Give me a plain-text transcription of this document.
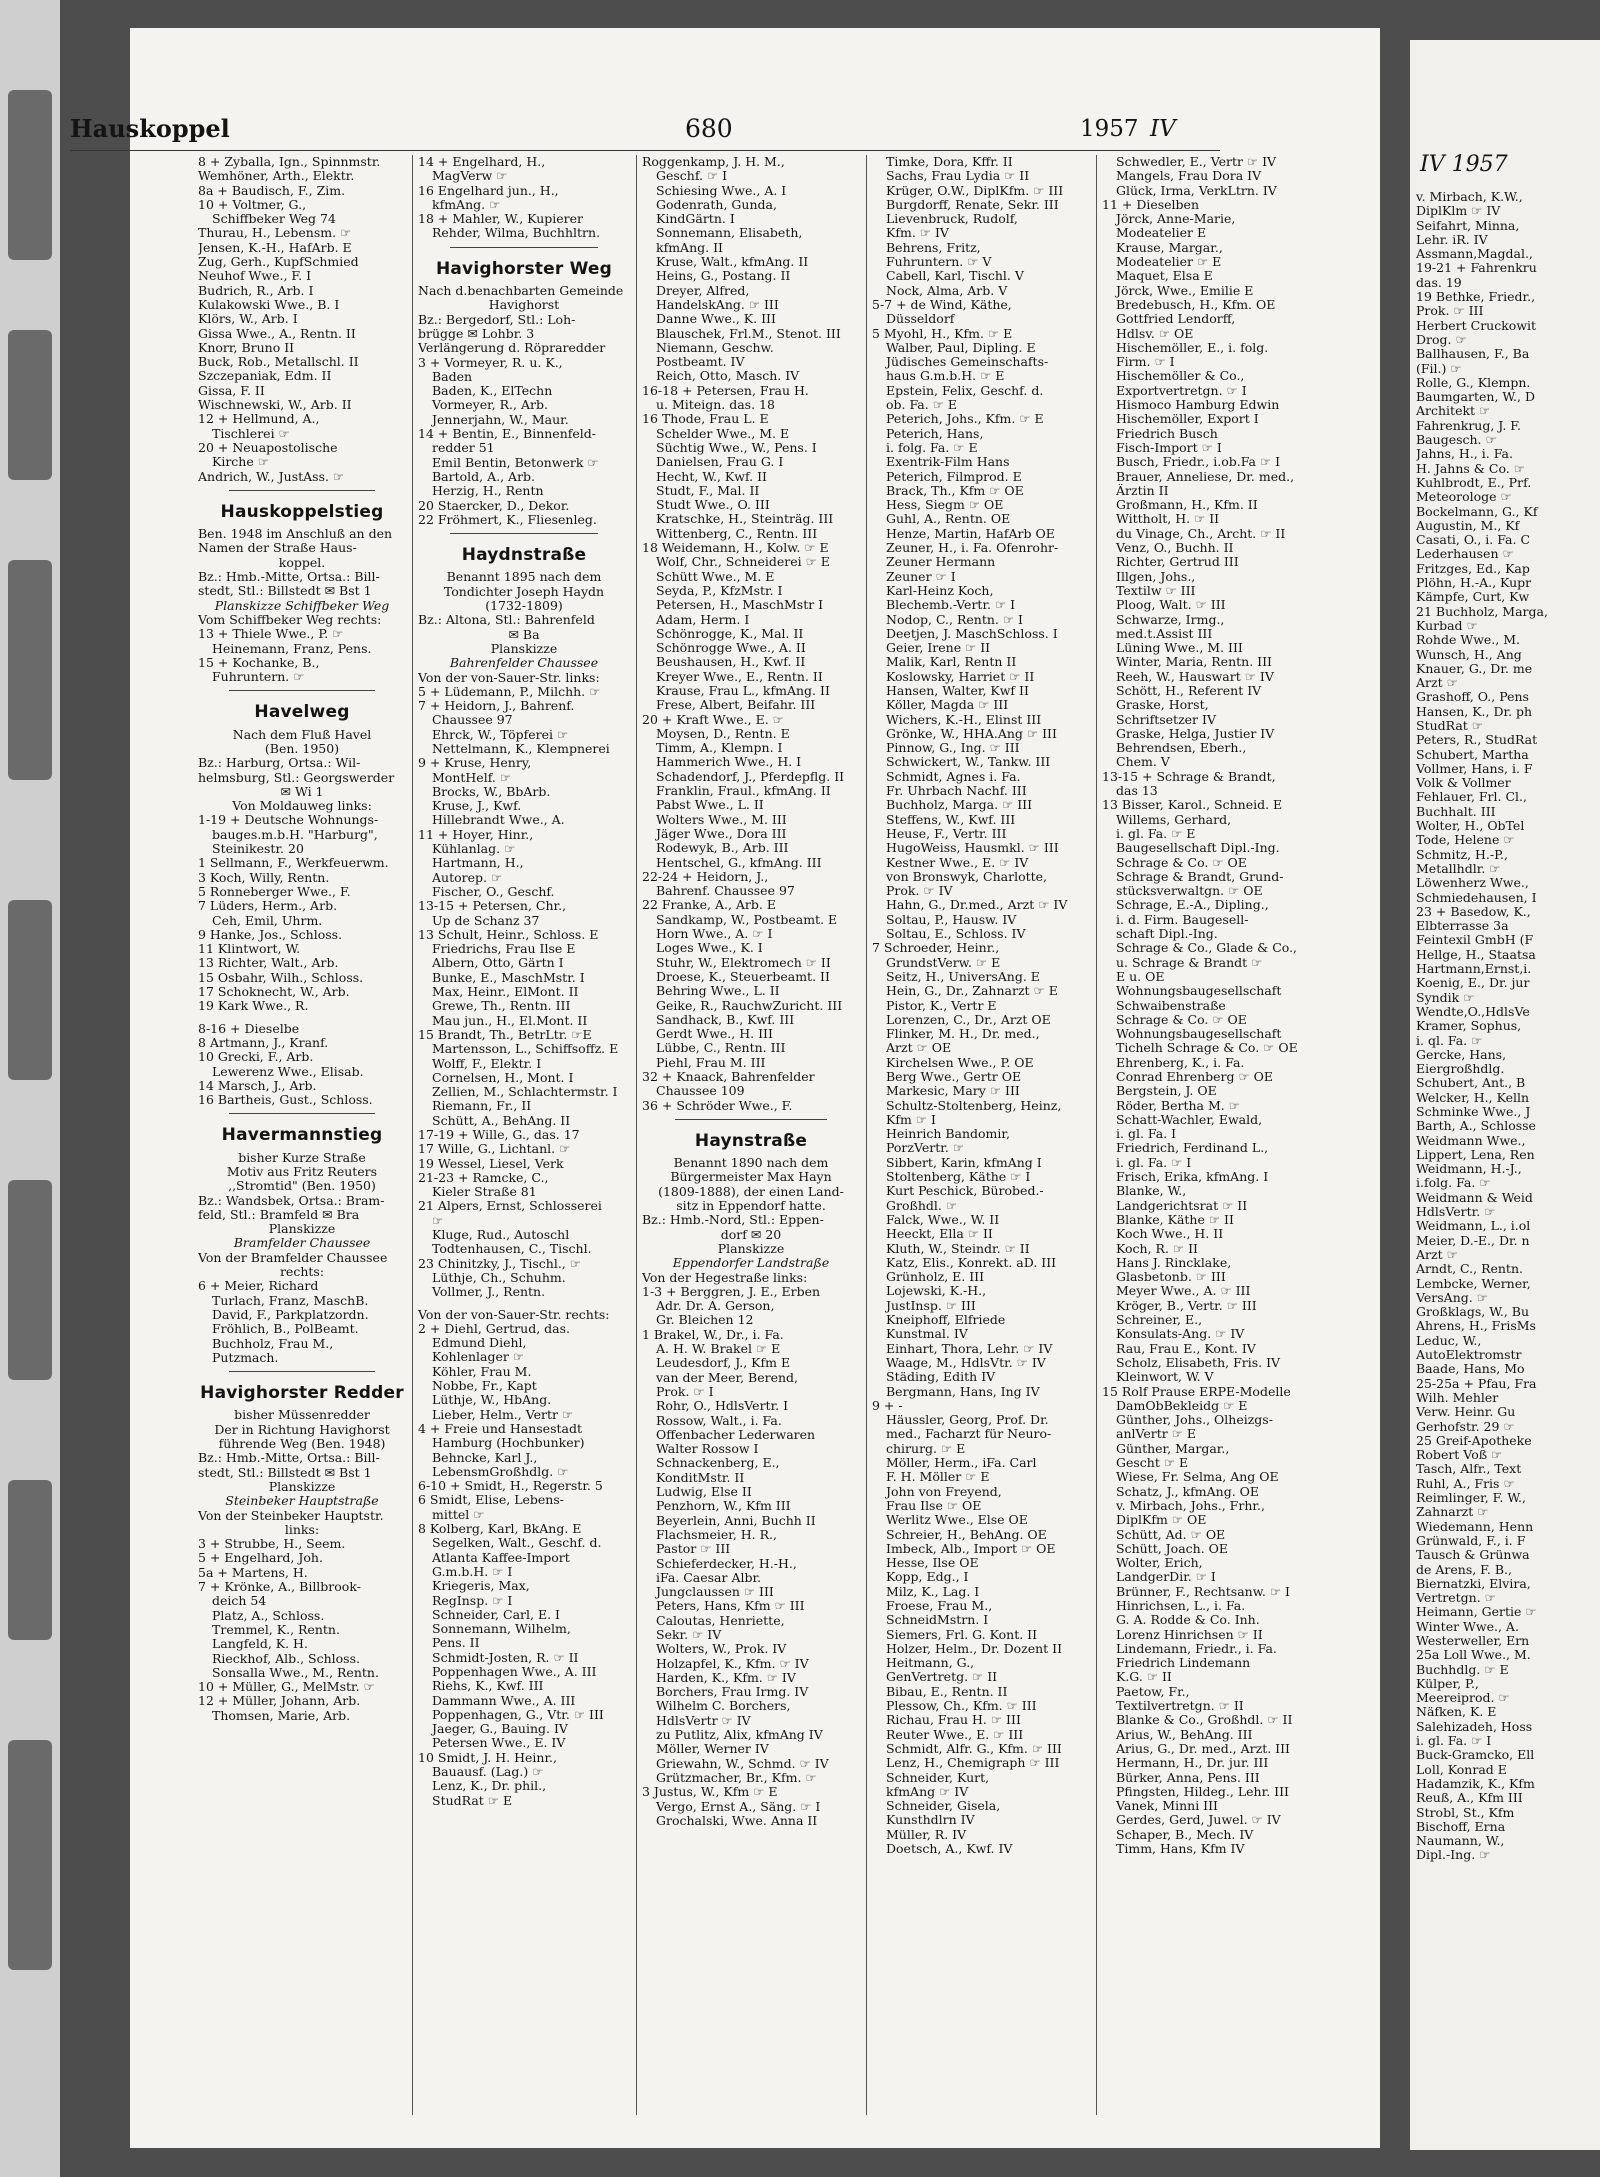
Hauskoppel	680	1957 IV
8 + Zyballa, Ign., Spinnmstr.
Wemhöner, Arth., Elektr.
8a + Baudisch, F., Zim.
10 + Voltmer, G.,
Schiffbeker Weg 74
Thurau, H., Lebensm. ☞
Jensen, K.-H., HafArb. E
Zug, Gerh., KupfSchmied
Neuhof Wwe., F. I
Budrich, R., Arb. I
Kulakowski Wwe., B. I
Klörs, W., Arb. I
Gissa Wwe., A., Rentn. II
Knorr, Bruno II
Buck, Rob., Metallschl. II
Szczepaniak, Edm. II
Gissa, F. II
Wischnewski, W., Arb. II
12 + Hellmund, A.,
Tischlerei ☞
20 + Neuapostolische
Kirche ☞
Andrich, W., JustAss. ☞
Hauskoppelstieg
Ben. 1948 im Anschluß an den
Namen der Straße Haus-
koppel.
Bz.: Hmb.-Mitte, Ortsa.: Bill-
stedt, Stl.: Billstedt ✉ Bst 1
Planskizze Schiffbeker Weg
Vom Schiffbeker Weg rechts:
13 + Thiele Wwe., P. ☞
Heinemann, Franz, Pens.
15 + Kochanke, B.,
Fuhruntern. ☞
Havelweg
Nach dem Fluß Havel
(Ben. 1950)
Bz.: Harburg, Ortsa.: Wil-
helmsburg, Stl.: Georgswerder
✉ Wi 1
Von Moldauweg links:
1-19 + Deutsche Wohnungs-
bauges.m.b.H. "Harburg",
Steinikestr. 20
1 Sellmann, F., Werkfeuerwm.
3 Koch, Willy, Rentn.
5 Ronneberger Wwe., F.
7 Lüders, Herm., Arb.
Ceh, Emil, Uhrm.
9 Hanke, Jos., Schloss.
11 Klintwort, W.
13 Richter, Walt., Arb.
15 Osbahr, Wilh., Schloss.
17 Schoknecht, W., Arb.
19 Kark Wwe., R.
8-16 + Dieselbe
8 Artmann, J., Kranf.
10 Grecki, F., Arb.
Lewerenz Wwe., Elisab.
14 Marsch, J., Arb.
16 Bartheis, Gust., Schloss.
Havermannstieg
bisher Kurze Straße
Motiv aus Fritz Reuters
,,Stromtid" (Ben. 1950)
Bz.: Wandsbek, Ortsa.: Bram-
feld, Stl.: Bramfeld ✉ Bra
Planskizze
Bramfelder Chaussee
Von der Bramfelder Chaussee
rechts:
6 + Meier, Richard
Turlach, Franz, MaschB.
David, F., Parkplatzordn.
Fröhlich, B., PolBeamt.
Buchholz, Frau M.,
Putzmach.
Havighorster Redder
bisher Müssenredder
Der in Richtung Havighorst
führende Weg (Ben. 1948)
Bz.: Hmb.-Mitte, Ortsa.: Bill-
stedt, Stl.: Billstedt ✉ Bst 1
Planskizze
Steinbeker Hauptstraße
Von der Steinbeker Hauptstr.
links:
3 + Strubbe, H., Seem.
5 + Engelhard, Joh.
5a + Martens, H.
7 + Krönke, A., Billbrook-
deich 54
Platz, A., Schloss.
Tremmel, K., Rentn.
Langfeld, K. H.
Rieckhof, Alb., Schloss.
Sonsalla Wwe., M., Rentn.
10 + Müller, G., MelMstr. ☞
12 + Müller, Johann, Arb.
Thomsen, Marie, Arb.
14 + Engelhard, H.,
MagVerw ☞
16 Engelhard jun., H.,
kfmAng. ☞
18 + Mahler, W., Kupierer
Rehder, Wilma, Buchhltrn.
Havighorster Weg
Nach d.benachbarten Gemeinde
Havighorst
Bz.: Bergedorf, Stl.: Loh-
brügge ✉ Lohbr. 3
Verlängerung d. Röpraredder
3 + Vormeyer, R. u. K.,
Baden
Baden, K., ElTechn
Vormeyer, R., Arb.
Jennerjahn, W., Maur.
14 + Bentin, E., Binnenfeld-
redder 51
Emil Bentin, Betonwerk ☞
Bartold, A., Arb.
Herzig, H., Rentn
20 Staercker, D., Dekor.
22 Fröhmert, K., Fliesenleg.
Haydnstraße
Benannt 1895 nach dem
Tondichter Joseph Haydn
(1732-1809)
Bz.: Altona, Stl.: Bahrenfeld
✉ Ba
Planskizze
Bahrenfelder Chaussee
Von der von-Sauer-Str. links:
5 + Lüdemann, P., Milchh. ☞
7 + Heidorn, J., Bahrenf.
Chaussee 97
Ehrck, W., Töpferei ☞
Nettelmann, K., Klempnerei
9 + Kruse, Henry,
MontHelf. ☞
Brocks, W., BbArb.
Kruse, J., Kwf.
Hillebrandt Wwe., A.
11 + Hoyer, Hinr.,
Kühlanlag. ☞
Hartmann, H.,
Autorep. ☞
Fischer, O., Geschf.
13-15 + Petersen, Chr.,
Up de Schanz 37
13 Schult, Heinr., Schloss. E
Friedrichs, Frau Ilse E
Albern, Otto, Gärtn I
Bunke, E., MaschMstr. I
Max, Heinr., ElMont. II
Grewe, Th., Rentn. III
Mau jun., H., El.Mont. II
15 Brandt, Th., BetrLtr. ☞E
Martensson, L., Schiffsoffz. E
Wolff, F., Elektr. I
Cornelsen, H., Mont. I
Zellien, M., Schlachtermstr. I
Riemann, Fr., II
Schütt, A., BehAng. II
17-19 + Wille, G., das. 17
17 Wille, G., Lichtanl. ☞
19 Wessel, Liesel, Verk
21-23 + Ramcke, C.,
Kieler Straße 81
21 Alpers, Ernst, Schlosserei
☞
Kluge, Rud., Autoschl
Todtenhausen, C., Tischl.
23 Chinitzky, J., Tischl., ☞
Lüthje, Ch., Schuhm.
Vollmer, J., Rentn.
Von der von-Sauer-Str. rechts:
2 + Diehl, Gertrud, das.
Edmund Diehl,
Kohlenlager ☞
Köhler, Frau M.
Nobbe, Fr., Kapt
Lüthje, W., HbAng.
Lieber, Helm., Vertr ☞
4 + Freie und Hansestadt
Hamburg (Hochbunker)
Behncke, Karl J.,
LebensmGroßhdlg. ☞
6-10 + Smidt, H., Regerstr. 5
6 Smidt, Elise, Lebens-
mittel ☞
8 Kolberg, Karl, BkAng. E
Segelken, Walt., Geschf. d.
Atlanta Kaffee-Import
G.m.b.H. ☞ I
Kriegeris, Max,
RegInsp. ☞ I
Schneider, Carl, E. I
Sonnemann, Wilhelm,
Pens. II
Schmidt-Josten, R. ☞ II
Poppenhagen Wwe., A. III
Riehs, K., Kwf. III
Dammann Wwe., A. III
Poppenhagen, G., Vtr. ☞ III
Jaeger, G., Bauing. IV
Petersen Wwe., E. IV
10 Smidt, J. H. Heinr.,
Bauausf. (Lag.) ☞
Lenz, K., Dr. phil.,
StudRat ☞ E
Roggenkamp, J. H. M.,
Geschf. ☞ I
Schiesing Wwe., A. I
Godenrath, Gunda,
KindGärtn. I
Sonnemann, Elisabeth,
kfmAng. II
Kruse, Walt., kfmAng. II
Heins, G., Postang. II
Dreyer, Alfred,
HandelskAng. ☞ III
Danne Wwe., K. III
Blauschek, Frl.M., Stenot. III
Niemann, Geschw.
Postbeamt. IV
Reich, Otto, Masch. IV
16-18 + Petersen, Frau H.
u. Miteign. das. 18
16 Thode, Frau L. E
Schelder Wwe., M. E
Süchtig Wwe., W., Pens. I
Danielsen, Frau G. I
Hecht, W., Kwf. II
Studt, F., Mal. II
Studt Wwe., O. III
Kratschke, H., Steinträg. III
Wittenberg, C., Rentn. III
18 Weidemann, H., Kolw. ☞ E
Wolf, Chr., Schneiderei ☞ E
Schütt Wwe., M. E
Seyda, P., KfzMstr. I
Petersen, H., MaschMstr I
Adam, Herm. I
Schönrogge, K., Mal. II
Schönrogge Wwe., A. II
Beushausen, H., Kwf. II
Kreyer Wwe., E., Rentn. II
Krause, Frau L., kfmAng. II
Frese, Albert, Beifahr. III
20 + Kraft Wwe., E. ☞
Moysen, D., Rentn. E
Timm, A., Klempn. I
Hammerich Wwe., H. I
Schadendorf, J., Pferdepflg. II
Franklin, Fraul., kfmAng. II
Pabst Wwe., L. II
Wolters Wwe., M. III
Jäger Wwe., Dora III
Rodewyk, B., Arb. III
Hentschel, G., kfmAng. III
22-24 + Heidorn, J.,
Bahrenf. Chaussee 97
22 Franke, A., Arb. E
Sandkamp, W., Postbeamt. E
Horn Wwe., A. ☞ I
Loges Wwe., K. I
Stuhr, W., Elektromech ☞ II
Droese, K., Steuerbeamt. II
Behring Wwe., L. II
Geike, R., RauchwZuricht. III
Sandhack, B., Kwf. III
Gerdt Wwe., H. III
Lübbe, C., Rentn. III
Piehl, Frau M. III
32 + Knaack, Bahrenfelder
Chaussee 109
36 + Schröder Wwe., F.
Haynstraße
Benannt 1890 nach dem
Bürgermeister Max Hayn
(1809-1888), der einen Land-
sitz in Eppendorf hatte.
Bz.: Hmb.-Nord, Stl.: Eppen-
dorf ✉ 20
Planskizze
Eppendorfer Landstraße
Von der Hegestraße links:
1-3 + Berggren, J. E., Erben
Adr. Dr. A. Gerson,
Gr. Bleichen 12
1 Brakel, W., Dr., i. Fa.
A. H. W. Brakel ☞ E
Leudesdorf, J., Kfm E
van der Meer, Berend,
Prok. ☞ I
Rohr, O., HdlsVertr. I
Rossow, Walt., i. Fa.
Offenbacher Lederwaren
Walter Rossow I
Schnackenberg, E.,
KonditMstr. II
Ludwig, Else II
Penzhorn, W., Kfm III
Beyerlein, Anni, Buchh II
Flachsmeier, H. R.,
Pastor ☞ III
Schieferdecker, H.-H.,
iFa. Caesar Albr.
Jungclaussen ☞ III
Peters, Hans, Kfm ☞ III
Caloutas, Henriette,
Sekr. ☞ IV
Wolters, W., Prok. IV
Holzapfel, K., Kfm. ☞ IV
Harden, K., Kfm. ☞ IV
Borchers, Frau Irmg. IV
Wilhelm C. Borchers,
HdlsVertr ☞ IV
zu Putlitz, Alix, kfmAng IV
Möller, Werner IV
Griewahn, W., Schmd. ☞ IV
Grützmacher, Br., Kfm. ☞
3 Justus, W., Kfm ☞ E
Vergo, Ernst A., Säng. ☞ I
Grochalski, Wwe. Anna II
Timke, Dora, Kffr. II
Sachs, Frau Lydia ☞ II
Krüger, O.W., DiplKfm. ☞ III
Burgdorff, Renate, Sekr. III
Lievenbruck, Rudolf,
Kfm. ☞ IV
Behrens, Fritz,
Fuhruntern. ☞ V
Cabell, Karl, Tischl. V
Nock, Alma, Arb. V
5-7 + de Wind, Käthe,
Düsseldorf
5 Myohl, H., Kfm. ☞ E
Walber, Paul, Dipling. E
Jüdisches Gemeinschafts-
haus G.m.b.H. ☞ E
Epstein, Felix, Geschf. d.
ob. Fa. ☞ E
Peterich, Johs., Kfm. ☞ E
Peterich, Hans,
i. folg. Fa. ☞ E
Exentrik-Film Hans
Peterich, Filmprod. E
Brack, Th., Kfm ☞ OE
Hess, Siegm ☞ OE
Guhl, A., Rentn. OE
Henze, Martin, HafArb OE
Zeuner, H., i. Fa. Ofenrohr-
Zeuner Hermann
Zeuner ☞ I
Karl-Heinz Koch,
Blechemb.-Vertr. ☞ I
Nodop, C., Rentn. ☞ I
Deetjen, J. MaschSchloss. I
Geier, Irene ☞ II
Malik, Karl, Rentn II
Koslowsky, Harriet ☞ II
Hansen, Walter, Kwf II
Köller, Magda ☞ III
Wichers, K.-H., Elinst III
Grönke, W., HHA.Ang ☞ III
Pinnow, G., Ing. ☞ III
Schwickert, W., Tankw. III
Schmidt, Agnes i. Fa.
Fr. Uhrbach Nachf. III
Buchholz, Marga. ☞ III
Steffens, W., Kwf. III
Heuse, F., Vertr. III
HugoWeiss, Hausmkl. ☞ III
Kestner Wwe., E. ☞ IV
von Bronswyk, Charlotte,
Prok. ☞ IV
Hahn, G., Dr.med., Arzt ☞ IV
Soltau, P., Hausw. IV
Soltau, E., Schloss. IV
7 Schroeder, Heinr.,
GrundstVerw. ☞ E
Seitz, H., UniversAng. E
Hein, G., Dr., Zahnarzt ☞ E
Pistor, K., Vertr E
Lorenzen, C., Dr., Arzt OE
Flinker, M. H., Dr. med.,
Arzt ☞ OE
Kirchelsen Wwe., P. OE
Berg Wwe., Gertr OE
Markesic, Mary ☞ III
Schultz-Stoltenberg, Heinz,
Kfm ☞ I
Heinrich Bandomir,
PorzVertr. ☞
Sibbert, Karin, kfmAng I
Stoltenberg, Käthe ☞ I
Kurt Peschick, Bürobed.-
Großhdl. ☞
Falck, Wwe., W. II
Heeckt, Ella ☞ II
Kluth, W., Steindr. ☞ II
Katz, Elis., Konrekt. aD. III
Grünholz, E. III
Lojewski, K.-H.,
JustInsp. ☞ III
Kneiphoff, Elfriede
Kunstmal. IV
Einhart, Thora, Lehr. ☞ IV
Waage, M., HdlsVtr. ☞ IV
Städing, Edith IV
Bergmann, Hans, Ing IV
9 + -
Häussler, Georg, Prof. Dr.
med., Facharzt für Neuro-
chirurg. ☞ E
Möller, Herm., iFa. Carl
F. H. Möller ☞ E
John von Freyend,
Frau Ilse ☞ OE
Werlitz Wwe., Else OE
Schreier, H., BehAng. OE
Imbeck, Alb., Import ☞ OE
Hesse, Ilse OE
Kopp, Edg., I
Milz, K., Lag. I
Froese, Frau M.,
SchneidMstrn. I
Siemers, Frl. G. Kont. II
Holzer, Helm., Dr. Dozent II
Heitmann, G.,
GenVertretg. ☞ II
Bibau, E., Rentn. II
Plessow, Ch., Kfm. ☞ III
Richau, Frau H. ☞ III
Reuter Wwe., E. ☞ III
Schmidt, Alfr. G., Kfm. ☞ III
Lenz, H., Chemigraph ☞ III
Schneider, Kurt,
kfmAng ☞ IV
Schneider, Gisela,
Kunsthdlrn IV
Müller, R. IV
Doetsch, A., Kwf. IV
Schwedler, E., Vertr ☞ IV
Mangels, Frau Dora IV
Glück, Irma, VerkLtrn. IV
11 + Dieselben
Jörck, Anne-Marie,
Modeatelier E
Krause, Margar.,
Modeatelier ☞ E
Maquet, Elsa E
Jörck, Wwe., Emilie E
Bredebusch, H., Kfm. OE
Gottfried Lendorff,
Hdlsv. ☞ OE
Hischemöller, E., i. folg.
Firm. ☞ I
Hischemöller & Co.,
Exportvertretgn. ☞ I
Hismoco Hamburg Edwin
Hischemöller, Export I
Friedrich Busch
Fisch-Import ☞ I
Busch, Friedr., i.ob.Fa ☞ I
Brauer, Anneliese, Dr. med.,
Ärztin II
Großmann, H., Kfm. II
Wittholt, H. ☞ II
du Vinage, Ch., Archt. ☞ II
Venz, O., Buchh. II
Richter, Gertrud III
Illgen, Johs.,
Textilw ☞ III
Ploog, Walt. ☞ III
Schwarze, Irmg.,
med.t.Assist III
Lüning Wwe., M. III
Winter, Maria, Rentn. III
Reeh, W., Hauswart ☞ IV
Schött, H., Referent IV
Graske, Horst,
Schriftsetzer IV
Graske, Helga, Justier IV
Behrendsen, Eberh.,
Chem. V
13-15 + Schrage & Brandt,
das 13
13 Bisser, Karol., Schneid. E
Willems, Gerhard,
i. gl. Fa. ☞ E
Baugesellschaft Dipl.-Ing.
Schrage & Co. ☞ OE
Schrage & Brandt, Grund-
stücksverwaltgn. ☞ OE
Schrage, E.-A., Dipling.,
i. d. Firm. Baugesell-
schaft Dipl.-Ing.
Schrage & Co., Glade & Co.,
u. Schrage & Brandt ☞
E u. OE
Wohnungsbaugesellschaft
Schwaibenstraße
Schrage & Co. ☞ OE
Wohnungsbaugesellschaft
Tichelh Schrage & Co. ☞ OE
Ehrenberg, K., i. Fa.
Conrad Ehrenberg ☞ OE
Bergstein, J. OE
Röder, Bertha M. ☞
Schatt-Wachler, Ewald,
i. gl. Fa. I
Friedrich, Ferdinand L.,
i. gl. Fa. ☞ I
Frisch, Erika, kfmAng. I
Blanke, W.,
Landgerichtsrat ☞ II
Blanke, Käthe ☞ II
Koch Wwe., H. II
Koch, R. ☞ II
Hans J. Rincklake,
Glasbetonb. ☞ III
Meyer Wwe., A. ☞ III
Kröger, B., Vertr. ☞ III
Schreiner, E.,
Konsulats-Ang. ☞ IV
Rau, Frau E., Kont. IV
Scholz, Elisabeth, Fris. IV
Kleinwort, W. V
15 Rolf Prause ERPE-Modelle
DamObBekleidg ☞ E
Günther, Johs., Olheizgs-
anlVertr ☞ E
Günther, Margar.,
Gescht ☞ E
Wiese, Fr. Selma, Ang OE
Schatz, J., kfmAng. OE
v. Mirbach, Johs., Frhr.,
DiplKfm ☞ OE
Schütt, Ad. ☞ OE
Schütt, Joach. OE
Wolter, Erich,
LandgerDir. ☞ I
Brünner, F., Rechtsanw. ☞ I
Hinrichsen, L., i. Fa.
G. A. Rodde & Co. Inh.
Lorenz Hinrichsen ☞ II
Lindemann, Friedr., i. Fa.
Friedrich Lindemann
K.G. ☞ II
Paetow, Fr.,
Textilvertretgn. ☞ II
Blanke & Co., Großhdl. ☞ II
Arius, W., BehAng. III
Arius, G., Dr. med., Arzt. III
Hermann, H., Dr. jur. III
Bürker, Anna, Pens. III
Pfingsten, Hildeg., Lehr. III
Vanek, Minni III
Gerdes, Gerd, Juwel. ☞ IV
Schaper, B., Mech. IV
Timm, Hans, Kfm IV
IV 1957
v. Mirbach, K.W.,
DiplKlm ☞ IV
Seifahrt, Minna,
Lehr. iR. IV
Assmann,Magdal.,
19-21 + Fahrenkru
das. 19
19 Bethke, Friedr.,
Prok. ☞ III
Herbert Cruckowit
Drog. ☞
Ballhausen, F., Ba
(Fil.) ☞
Rolle, G., Klempn.
Baumgarten, W., D
Architekt ☞
Fahrenkrug, J. F.
Baugesch. ☞
Jahns, H., i. Fa.
H. Jahns & Co. ☞
Kuhlbrodt, E., Prf.
Meteorologe ☞
Bockelmann, G., Kf
Augustin, M., Kf
Casati, O., i. Fa. C
Lederhausen ☞
Fritzges, Ed., Kap
Plöhn, H.-A., Kupr
Kämpfe, Curt, Kw
21 Buchholz, Marga,
Kurbad ☞
Rohde Wwe., M.
Wunsch, H., Ang
Knauer, G., Dr. me
Arzt ☞
Grashoff, O., Pens
Hansen, K., Dr. ph
StudRat ☞
Peters, R., StudRat
Schubert, Martha
Vollmer, Hans, i. F
Volk & Vollmer
Fehlauer, Frl. Cl.,
Buchhalt. III
Wolter, H., ObTel
Tode, Helene ☞
Schmitz, H.-P.,
Metallhdlr. ☞
Löwenherz Wwe.,
Schmiedehausen, I
23 + Basedow, K.,
Elbterrasse 3a
Feintexil GmbH (F
Hellge, H., Staatsa
Hartmann,Ernst,i.
Koenig, E., Dr. jur
Syndik ☞
Wendte,O.,HdlsVe
Kramer, Sophus,
i. ql. Fa. ☞
Gercke, Hans,
Eiergroßhdlg.
Schubert, Ant., B
Welcker, H., Kelln
Schminke Wwe., J
Barth, A., Schlosse
Weidmann Wwe.,
Lippert, Lena, Ren
Weidmann, H.-J.,
i.folg. Fa. ☞
Weidmann & Weid
HdlsVertr. ☞
Weidmann, L., i.ol
Meier, D.-E., Dr. n
Arzt ☞
Arndt, C., Rentn.
Lembcke, Werner,
VersAng. ☞
Großklags, W., Bu
Ahrens, H., FrisMs
Leduc, W.,
AutoElektromstr
Baade, Hans, Mo
25-25a + Pfau, Fra
Wilh. Mehler
Verw. Heinr. Gu
Gerhofstr. 29 ☞
25 Greif-Apotheke
Robert Voß ☞
Tasch, Alfr., Text
Ruhl, A., Fris ☞
Reimlinger, F. W.,
Zahnarzt ☞
Wiedemann, Henn
Grünwald, F., i. F
Tausch & Grünwa
de Arens, F. B.,
Biernatzki, Elvira,
Vertretgn. ☞
Heimann, Gertie ☞
Winter Wwe., A.
Westerweller, Ern
25a Loll Wwe., M.
Buchhdlg. ☞ E
Külper, P.,
Meereiprod. ☞
Näfken, K. E
Salehizadeh, Hoss
i. gl. Fa. ☞ I
Buck-Gramcko, Ell
Loll, Konrad E
Hadamzik, K., Kfm
Reuß, A., Kfm III
Strobl, St., Kfm
Bischoff, Erna
Naumann, W.,
Dipl.-Ing. ☞
